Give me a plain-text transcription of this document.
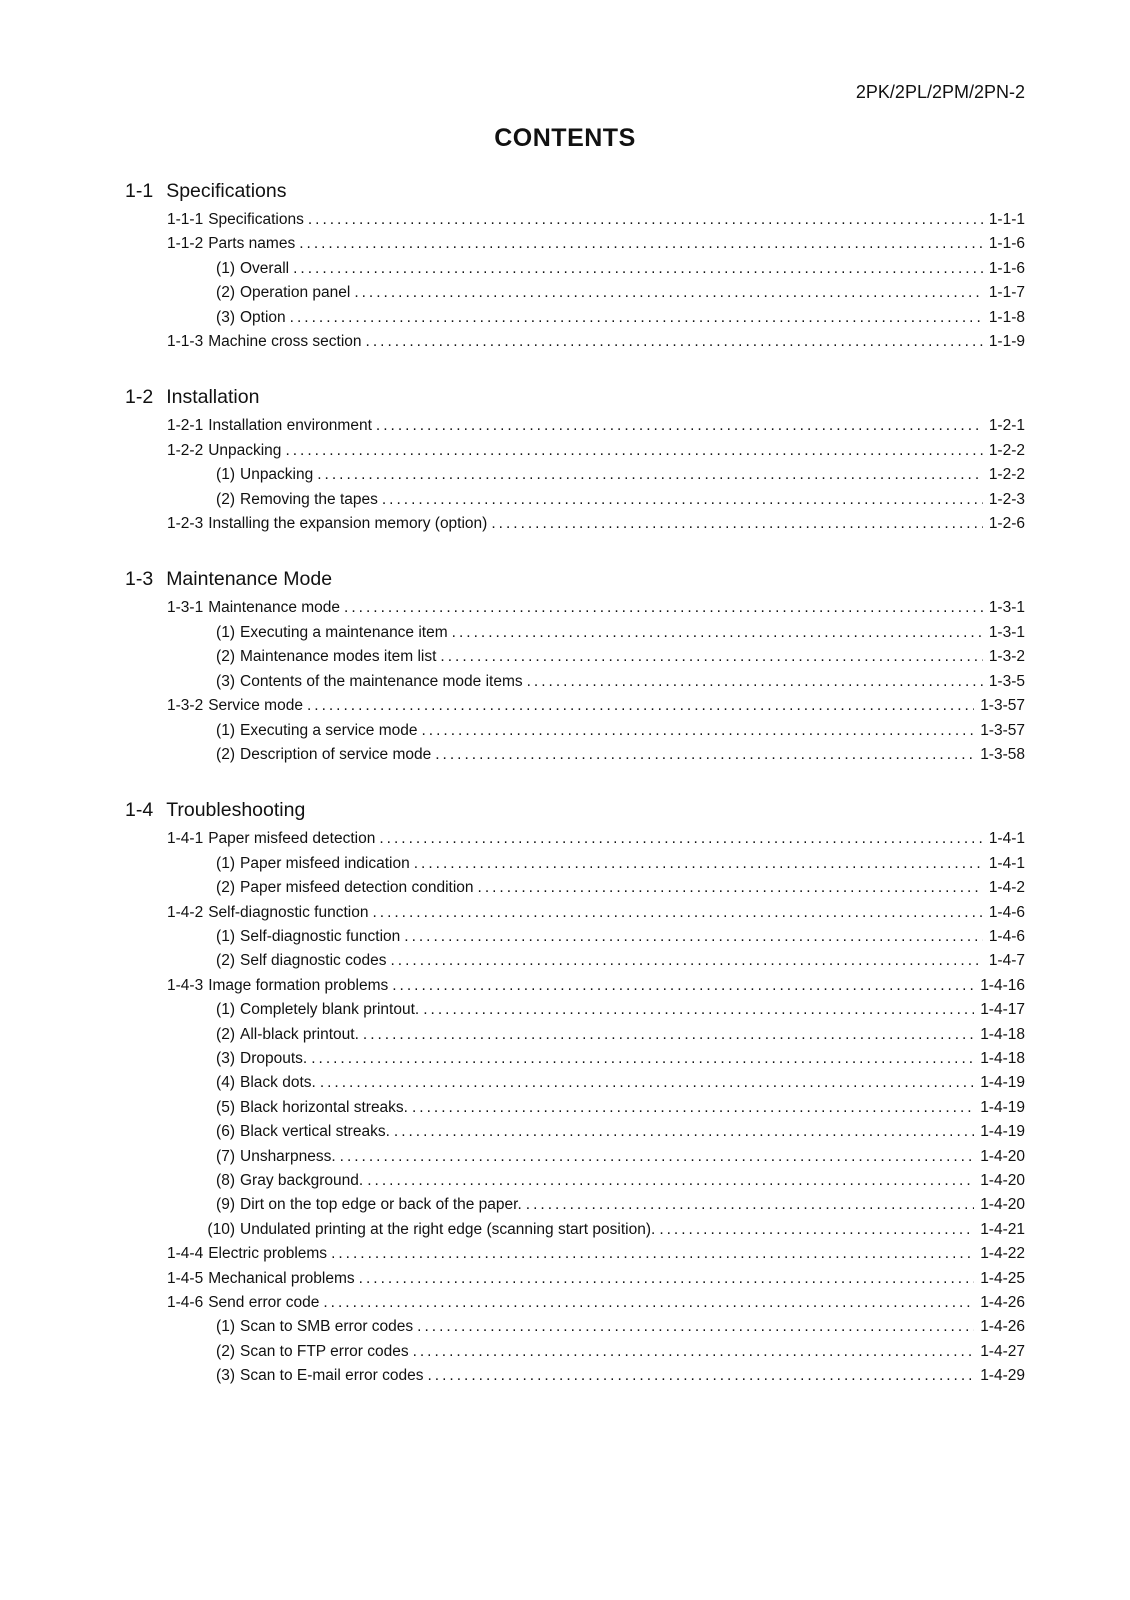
2PK/2PL/2PM/2PN-2
CONTENTS
1-1 Specifications
1-1-1 Specifications .....	1-1-1
1-1-2 Parts names .....	1-1-6
(1) Overall .....	1-1-6
(2) Operation panel .....	1-1-7
(3) Option .....	1-1-8
1-1-3 Machine cross section .....	1-1-9
1-2 Installation
1-2-1 Installation environment .....	1-2-1
1-2-2 Unpacking .....	1-2-2
(1) Unpacking .....	1-2-2
(2) Removing the tapes .....	1-2-3
1-2-3 Installing the expansion memory (option) .....	1-2-6
1-3 Maintenance Mode
1-3-1 Maintenance mode .....	1-3-1
(1) Executing a maintenance item .....	1-3-1
(2) Maintenance modes item list .....	1-3-2
(3) Contents of the maintenance mode items .....	1-3-5
1-3-2 Service mode .....	1-3-57
(1) Executing a service mode .....	1-3-57
(2) Description of service mode .....	1-3-58
1-4 Troubleshooting
1-4-1 Paper misfeed detection .....	1-4-1
(1) Paper misfeed indication .....	1-4-1
(2) Paper misfeed detection condition .....	1-4-2
1-4-2 Self-diagnostic function .....	1-4-6
(1) Self-diagnostic function .....	1-4-6
(2) Self diagnostic codes .....	1-4-7
1-4-3 Image formation problems .....	1-4-16
(1) Completely blank printout. .....	1-4-17
(2) All-black printout. .....	1-4-18
(3) Dropouts. .....	1-4-18
(4) Black dots. .....	1-4-19
(5) Black horizontal streaks. .....	1-4-19
(6) Black vertical streaks. .....	1-4-19
(7) Unsharpness. .....	1-4-20
(8) Gray background. .....	1-4-20
(9) Dirt on the top edge or back of the paper. .....	1-4-20
(10) Undulated printing at the right edge (scanning start position). .....	1-4-21
1-4-4 Electric problems .....	1-4-22
1-4-5 Mechanical problems .....	1-4-25
1-4-6 Send error code .....	1-4-26
(1) Scan to SMB error codes .....	1-4-26
(2) Scan to FTP error codes .....	1-4-27
(3) Scan to E-mail error codes .....	1-4-29
